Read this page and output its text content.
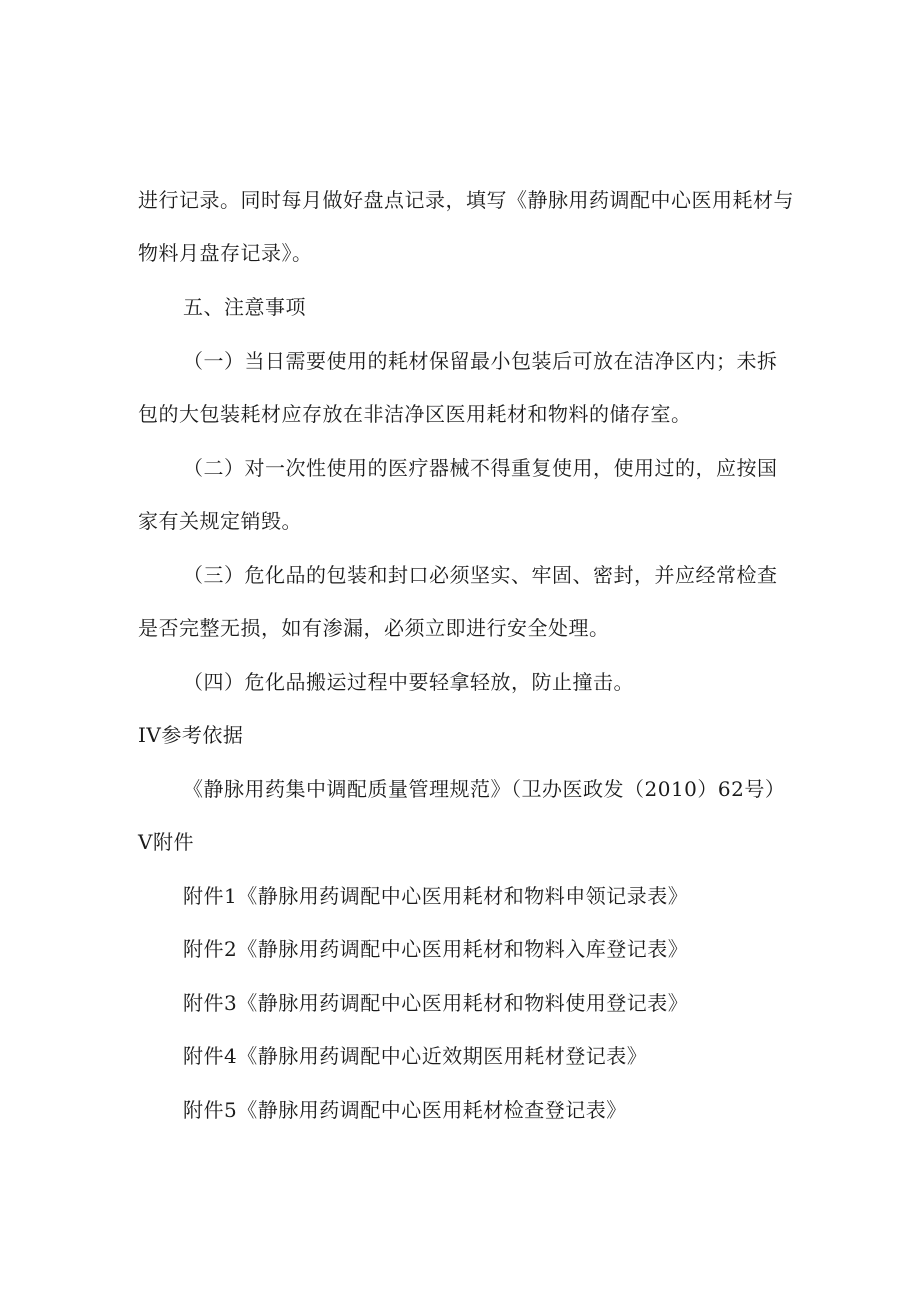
进行记录。同时每月做好盘点记录，填写《静脉用药调配中心医用耗材与
物料月盘存记录》。
五、注意事项
（一）当日需要使用的耗材保留最小包装后可放在洁净区内；未拆
包的大包装耗材应存放在非洁净区医用耗材和物料的储存室。
（二）对一次性使用的医疗器械不得重复使用，使用过的，应按国
家有关规定销毁。
（三）危化品的包装和封口必须坚实、牢固、密封，并应经常检查
是否完整无损，如有渗漏，必须立即进行安全处理。
（四）危化品搬运过程中要轻拿轻放，防止撞击。
IV参考依据
《静脉用药集中调配质量管理规范》（卫办医政发（2010）62号）
V附件
附件1《静脉用药调配中心医用耗材和物料申领记录表》
附件2《静脉用药调配中心医用耗材和物料入库登记表》
附件3《静脉用药调配中心医用耗材和物料使用登记表》
附件4《静脉用药调配中心近效期医用耗材登记表》
附件5《静脉用药调配中心医用耗材检查登记表》
